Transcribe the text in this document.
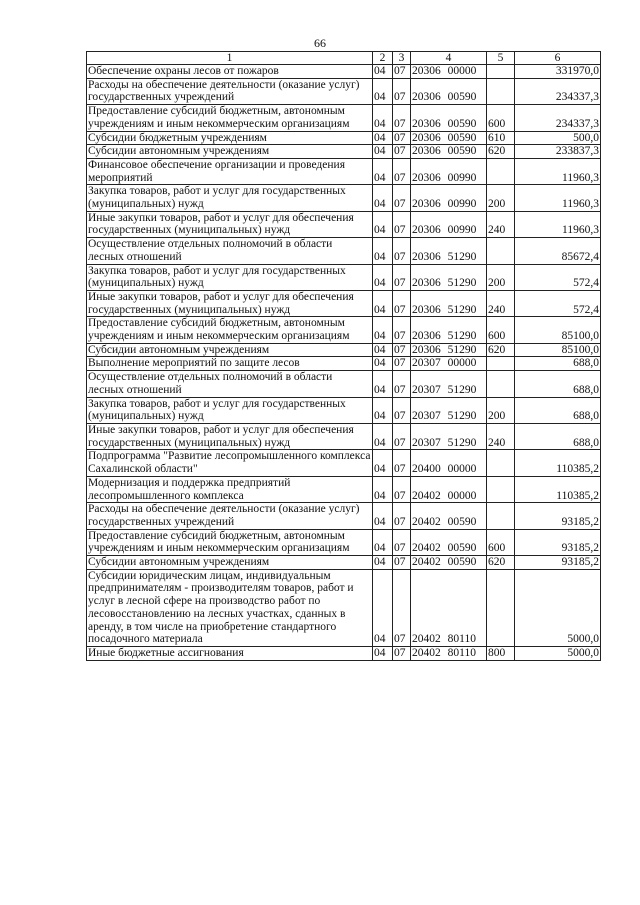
66
1	2	3	4	5	6
Обеспечение охраны лесов от пожаров	04	07	20306 00000		331970,0
Расходы на обеспечение деятельности (оказание услуг) государственных учреждений	04	07	20306 00590		234337,3
Предоставление субсидий бюджетным, автономным учреждениям и иным некоммерческим организациям	04	07	20306 00590	600	234337,3
Субсидии бюджетным учреждениям	04	07	20306 00590	610	500,0
Субсидии автономным учреждениям	04	07	20306 00590	620	233837,3
Финансовое обеспечение организации и проведения мероприятий	04	07	20306 00990		11960,3
Закупка товаров, работ и услуг для государственных (муниципальных) нужд	04	07	20306 00990	200	11960,3
Иные закупки товаров, работ и услуг для обеспечения государственных (муниципальных) нужд	04	07	20306 00990	240	11960,3
Осуществление отдельных полномочий в области лесных отношений	04	07	20306 51290		85672,4
Закупка товаров, работ и услуг для государственных (муниципальных) нужд	04	07	20306 51290	200	572,4
Иные закупки товаров, работ и услуг для обеспечения государственных (муниципальных) нужд	04	07	20306 51290	240	572,4
Предоставление субсидий бюджетным, автономным учреждениям и иным некоммерческим организациям	04	07	20306 51290	600	85100,0
Субсидии автономным учреждениям	04	07	20306 51290	620	85100,0
Выполнение мероприятий по защите лесов	04	07	20307 00000		688,0
Осуществление отдельных полномочий в области лесных отношений	04	07	20307 51290		688,0
Закупка товаров, работ и услуг для государственных (муниципальных) нужд	04	07	20307 51290	200	688,0
Иные закупки товаров, работ и услуг для обеспечения государственных (муниципальных) нужд	04	07	20307 51290	240	688,0
Подпрограмма "Развитие лесопромышленного комплекса Сахалинской области"	04	07	20400 00000		110385,2
Модернизация и поддержка предприятий лесопромышленного комплекса	04	07	20402 00000		110385,2
Расходы на обеспечение деятельности (оказание услуг) государственных учреждений	04	07	20402 00590		93185,2
Предоставление субсидий бюджетным, автономным учреждениям и иным некоммерческим организациям	04	07	20402 00590	600	93185,2
Субсидии автономным учреждениям	04	07	20402 00590	620	93185,2
Субсидии юридическим лицам, индивидуальным предпринимателям - производителям товаров, работ и услуг в лесной сфере на производство работ по лесовосстановлению на лесных участках, сданных в аренду, в том числе на приобретение стандартного посадочного материала	04	07	20402 80110		5000,0
Иные бюджетные ассигнования	04	07	20402 80110	800	5000,0
